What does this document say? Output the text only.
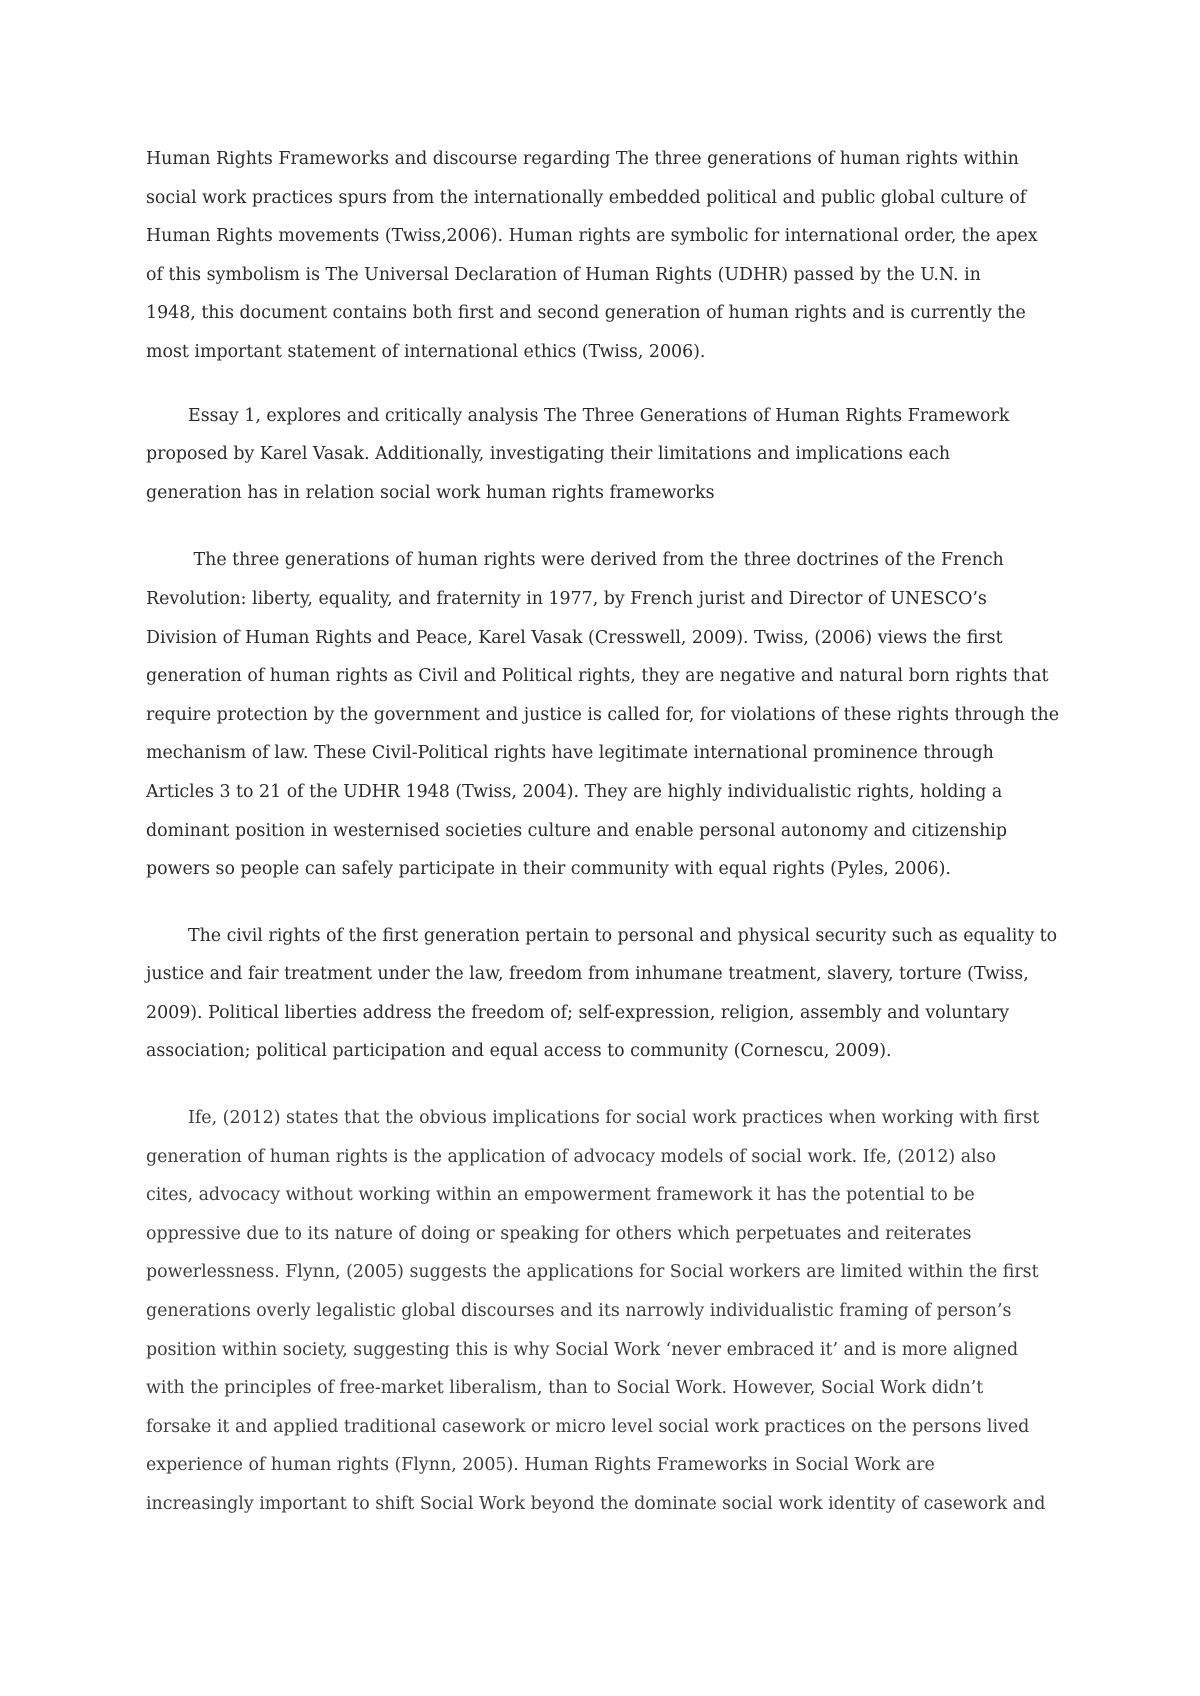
Human Rights Frameworks and discourse regarding The three generations of human rights within
social work practices spurs from the internationally embedded political and public global culture of
Human Rights movements (Twiss,2006). Human rights are symbolic for international order, the apex
of this symbolism is The Universal Declaration of Human Rights (UDHR) passed by the U.N. in
1948, this document contains both first and second generation of human rights and is currently the
most important statement of international ethics (Twiss, 2006).
Essay 1, explores and critically analysis The Three Generations of Human Rights Framework
proposed by Karel Vasak. Additionally, investigating their limitations and implications each
generation has in relation social work human rights frameworks
The three generations of human rights were derived from the three doctrines of the French
Revolution: liberty, equality, and fraternity in 1977, by French jurist and Director of UNESCO’s
Division of Human Rights and Peace, Karel Vasak (Cresswell, 2009). Twiss, (2006) views the first
generation of human rights as Civil and Political rights, they are negative and natural born rights that
require protection by the government and justice is called for, for violations of these rights through the
mechanism of law. These Civil-Political rights have legitimate international prominence through
Articles 3 to 21 of the UDHR 1948 (Twiss, 2004). They are highly individualistic rights, holding a
dominant position in westernised societies culture and enable personal autonomy and citizenship
powers so people can safely participate in their community with equal rights (Pyles, 2006).
The civil rights of the first generation pertain to personal and physical security such as equality to
justice and fair treatment under the law, freedom from inhumane treatment, slavery, torture (Twiss,
2009). Political liberties address the freedom of; self-expression, religion, assembly and voluntary
association; political participation and equal access to community (Cornescu, 2009).
Ife, (2012) states that the obvious implications for social work practices when working with first
generation of human rights is the application of advocacy models of social work. Ife, (2012) also
cites, advocacy without working within an empowerment framework it has the potential to be
oppressive due to its nature of doing or speaking for others which perpetuates and reiterates
powerlessness. Flynn, (2005) suggests the applications for Social workers are limited within the first
generations overly legalistic global discourses and its narrowly individualistic framing of person’s
position within society, suggesting this is why Social Work ‘never embraced it’ and is more aligned
with the principles of free-market liberalism, than to Social Work. However, Social Work didn’t
forsake it and applied traditional casework or micro level social work practices on the persons lived
experience of human rights (Flynn, 2005). Human Rights Frameworks in Social Work are
increasingly important to shift Social Work beyond the dominate social work identity of casework and
